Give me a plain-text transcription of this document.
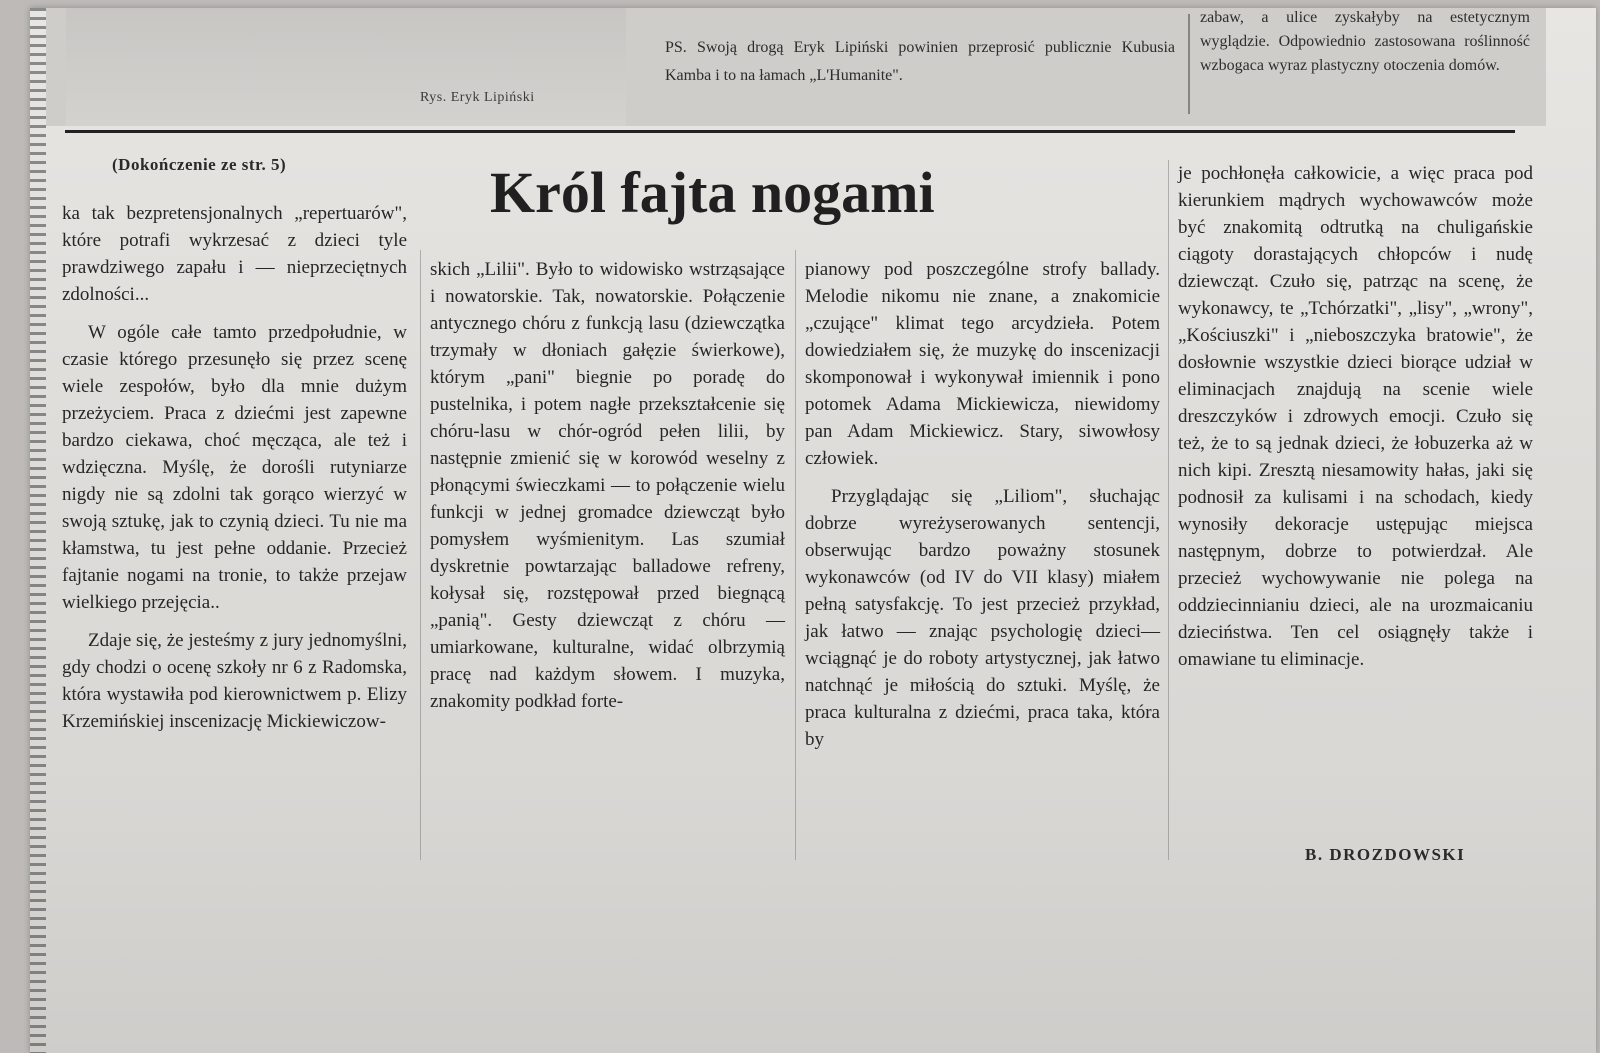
Rys. Eryk Lipiński
PS. Swoją drogą Eryk Lipiński powinien przeprosić publicznie Kubusia Kamba i to na łamach „L'Humanite".
zabaw, a ulice zyskałyby na estetycznym wyglądzie. Odpowiednio zastosowana roślinność wzbogaca wyraz plastyczny otoczenia domów.
(Dokończenie ze str. 5)	Król fajta nogami

ka tak bezpretensjonalnych „repertuarów", które potrafi wykrzesać z dzieci tyle prawdziwego zapału i — nieprzeciętnych zdolności...

W ogóle całe tamto przedpołudnie, w czasie którego przesunęło się przez scenę wiele zespołów, było dla mnie dużym przeżyciem. Praca z dziećmi jest zapewne bardzo ciekawa, choć męcząca, ale też i wdzięczna. Myślę, że dorośli rutyniarze nigdy nie są zdolni tak gorąco wierzyć w swoją sztukę, jak to czynią dzieci. Tu nie ma kłamstwa, tu jest pełne oddanie. Przecież fajtanie nogami na tronie, to także przejaw wielkiego przejęcia..

Zdaje się, że jesteśmy z jury jednomyślni, gdy chodzi o ocenę szkoły nr 6 z Radomska, która wystawiła pod kierownictwem p. Elizy Krzemińskiej inscenizację Mickiewiczow-

skich „Lilii". Było to widowisko wstrząsające i nowatorskie. Tak, nowatorskie. Połączenie antycznego chóru z funkcją lasu (dziewczątka trzymały w dłoniach gałęzie świerkowe), którym „pani" biegnie po poradę do pustelnika, i potem nagłe przekształcenie się chóru-lasu w chór-ogród pełen lilii, by następnie zmienić się w korowód weselny z płonącymi świeczkami — to połączenie wielu funkcji w jednej gromadce dziewcząt było pomysłem wyśmienitym. Las szumiał dyskretnie powtarzając balladowe refreny, kołysał się, rozstępował przed biegnącą „panią". Gesty dziewcząt z chóru — umiarkowane, kulturalne, widać olbrzymią pracę nad każdym słowem. I muzyka, znakomity podkład forte-

pianowy pod poszczególne strofy ballady. Melodie nikomu nie znane, a znakomicie „czujące" klimat tego arcydzieła. Potem dowiedziałem się, że muzykę do inscenizacji skomponował i wykonywał imiennik i pono potomek Adama Mickiewicza, niewidomy pan Adam Mickiewicz. Stary, siwowłosy człowiek.

Przyglądając się „Liliom", słuchając dobrze wyreżyserowanych sentencji, obserwując bardzo poważny stosunek wykonawców (od IV do VII klasy) miałem pełną satysfakcję. To jest przecież przykład, jak łatwo — znając psychologię dzieci—wciągnąć je do roboty artystycznej, jak łatwo natchnąć je miłością do sztuki. Myślę, że praca kulturalna z dziećmi, praca taka, która by

je pochłonęła całkowicie, a więc praca pod kierunkiem mądrych wychowawców może być znakomitą odtrutką na chuligańskie ciągoty dorastających chłopców i nudę dziewcząt. Czuło się, patrząc na scenę, że wykonawcy, te „Tchórzatki", „lisy", „wrony", „Kościuszki" i „nieboszczyka bratowie", że dosłownie wszystkie dzieci biorące udział w eliminacjach znajdują na scenie wiele dreszczyków i zdrowych emocji. Czuło się też, że to są jednak dzieci, że łobuzerka aż w nich kipi. Zresztą niesamowity hałas, jaki się podnosił za kulisami i na schodach, kiedy wynosiły dekoracje ustępując miejsca następnym, dobrze to potwierdzał. Ale przecież wychowywanie nie polega na oddziecinnianiu dzieci, ale na urozmaicaniu dzieciństwa. Ten cel osiągnęły także i omawiane tu eliminacje.

B. DROZDOWSKI
